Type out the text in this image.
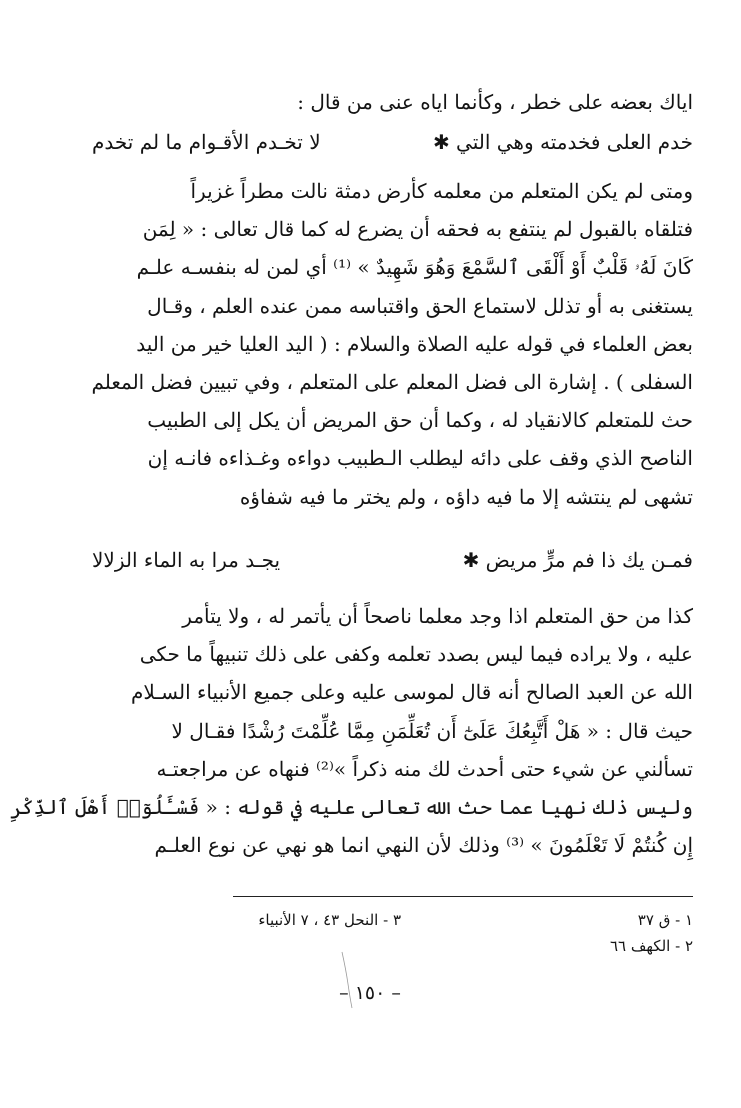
اياك بعضه على خطر ، وكأنما اياه عنى من قال :
خدم العلى فخدمته وهي التي ✱
لا تخـدم الأقـوام ما لم تخدم
ومتى لم يكن المتعلم من معلمه كأرض دمثة نالت مطراً غزيراً
فتلقاه بالقبول لم ينتفع به فحقه أن يضرع له كما قال تعالى : « لِمَن
كَانَ لَهُۥ قَلْبٌ أَوْ أَلْقَى ٱلسَّمْعَ وَهُوَ شَهِيدٌ » ⁽¹⁾ أي لمن له بنفسـه علـم
يستغنى به أو تذلل لاستماع الحق واقتباسه ممن عنده العلم ، وقـال
بعض العلماء في قوله عليه الصلاة والسلام : ( اليد العليا خير من اليد
السفلى ) . إشارة الى فضل المعلم على المتعلم ، وفي تبيين فضل المعلم
حث للمتعلم كالانقياد له ، وكما أن حق المريض أن يكل إلى الطبيب
الناصح الذي وقف على دائه ليطلب الـطبيب دواءه وغـذاءه فانـه إن
تشهى لم ينتشه إلا ما فيه داؤه ، ولم يختر ما فيه شفاؤه
فمـن يك ذا فم مرٍّ مريض ✱
يجـد مرا به الماء الزلالا
كذا من حق المتعلم اذا وجد معلما ناصحاً أن يأتمر له ، ولا يتأمر
عليه ، ولا يراده فيما ليس بصدد تعلمه وكفى على ذلك تنبيهاً ما حكى
الله عن العبد الصالح أنه قال لموسى عليه وعلى جميع الأنبياء السـلام
حيث قال : « هَلْ أَتَّبِعُكَ عَلَىٰٓ أَن تُعَلِّمَنِ مِمَّا عُلِّمْتَ رُشْدًا فقـال لا
تسألني عن شيء حتى أحدث لك منه ذكراً »⁽²⁾ فنهاه عن مراجعتـه
وليس ذلك نهيا عما حث الله تعالى عليه في قوله : « فَسْـَٔلُوٓا۟ أَهْلَ ٱلذِّكْرِ
إِن كُنتُمْ لَا تَعْلَمُونَ » ⁽³⁾ وذلك لأن النهي انما هو نهي عن نوع العلـم
١ - ق ٣٧
٢ - الكهف ٦٦
٣ - النحل ٤٣ ، ٧ الأنبياء
– ١٥٠ –
